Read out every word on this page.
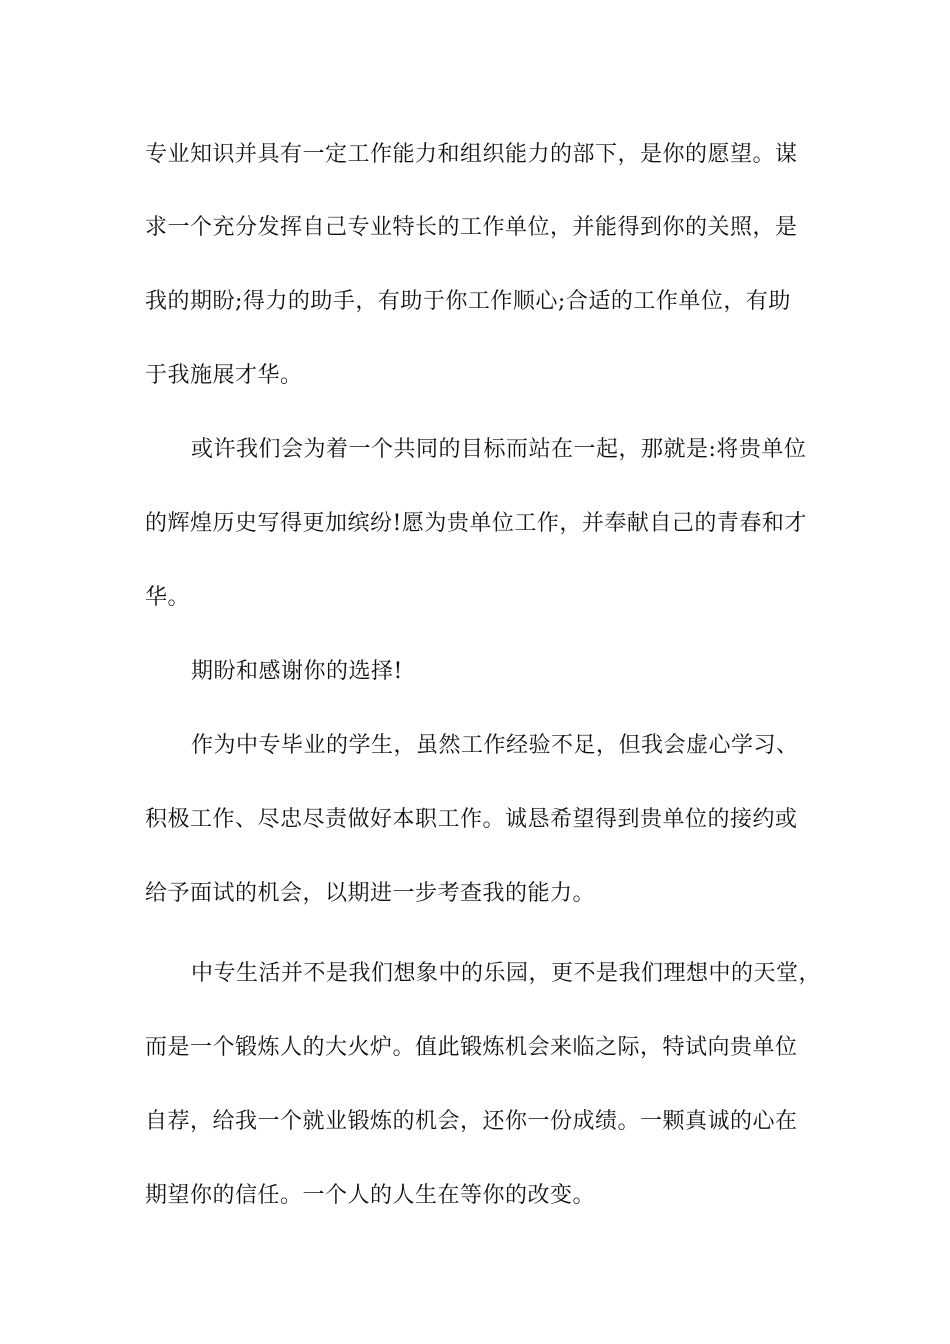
专业知识并具有一定工作能力和组织能力的部下，是你的愿望。谋

求一个充分发挥自己专业特长的工作单位，并能得到你的关照，是

我的期盼;得力的助手，有助于你工作顺心;合适的工作单位，有助

于我施展才华。

或许我们会为着一个共同的目标而站在一起，那就是:将贵单位

的辉煌历史写得更加缤纷!愿为贵单位工作，并奉献自己的青春和才

华。

期盼和感谢你的选择!

作为中专毕业的学生，虽然工作经验不足，但我会虚心学习、

积极工作、尽忠尽责做好本职工作。诚恳希望得到贵单位的接约或

给予面试的机会，以期进一步考查我的能力。

中专生活并不是我们想象中的乐园，更不是我们理想中的天堂，

而是一个锻炼人的大火炉。值此锻炼机会来临之际，特试向贵单位

自荐，给我一个就业锻炼的机会，还你一份成绩。一颗真诚的心在

期望你的信任。一个人的人生在等你的改变。
